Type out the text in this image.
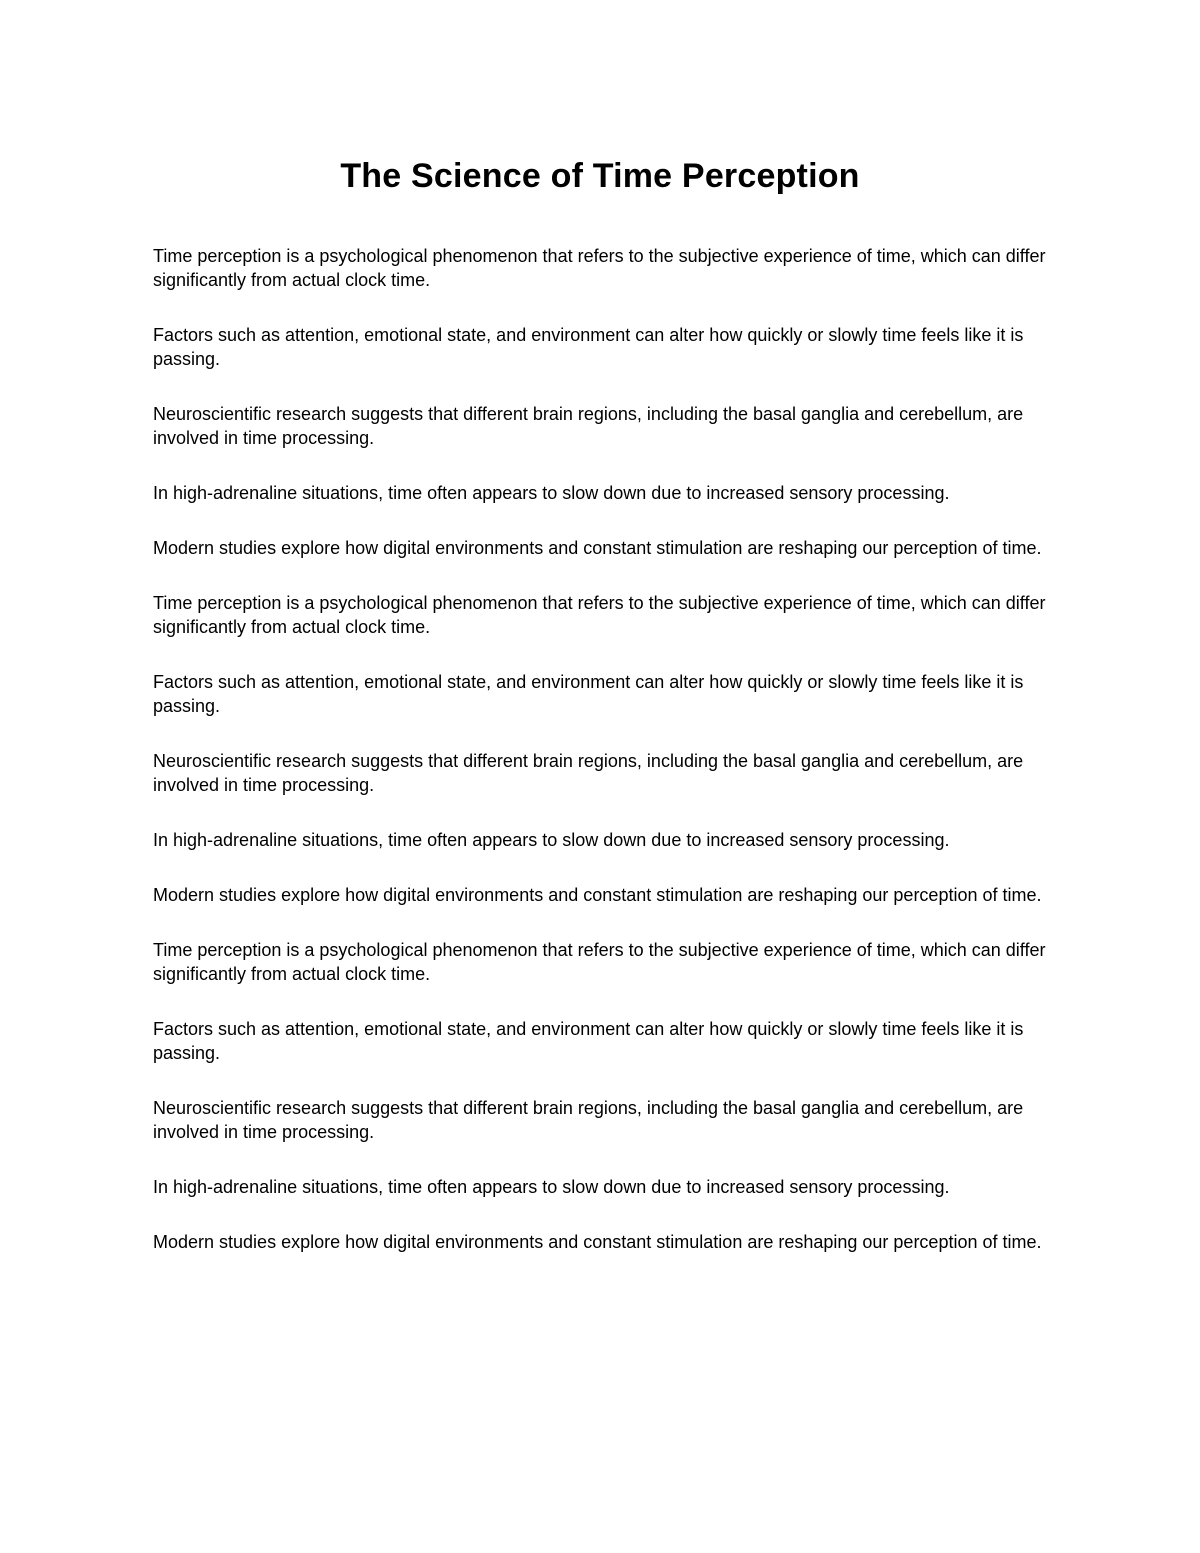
The Science of Time Perception

Time perception is a psychological phenomenon that refers to the subjective experience of time, which can differ significantly from actual clock time.

Factors such as attention, emotional state, and environment can alter how quickly or slowly time feels like it is passing.

Neuroscientific research suggests that different brain regions, including the basal ganglia and cerebellum, are involved in time processing.

In high-adrenaline situations, time often appears to slow down due to increased sensory processing.

Modern studies explore how digital environments and constant stimulation are reshaping our perception of time.

Time perception is a psychological phenomenon that refers to the subjective experience of time, which can differ significantly from actual clock time.

Factors such as attention, emotional state, and environment can alter how quickly or slowly time feels like it is passing.

Neuroscientific research suggests that different brain regions, including the basal ganglia and cerebellum, are involved in time processing.

In high-adrenaline situations, time often appears to slow down due to increased sensory processing.

Modern studies explore how digital environments and constant stimulation are reshaping our perception of time.

Time perception is a psychological phenomenon that refers to the subjective experience of time, which can differ significantly from actual clock time.

Factors such as attention, emotional state, and environment can alter how quickly or slowly time feels like it is passing.

Neuroscientific research suggests that different brain regions, including the basal ganglia and cerebellum, are involved in time processing.

In high-adrenaline situations, time often appears to slow down due to increased sensory processing.

Modern studies explore how digital environments and constant stimulation are reshaping our perception of time.
